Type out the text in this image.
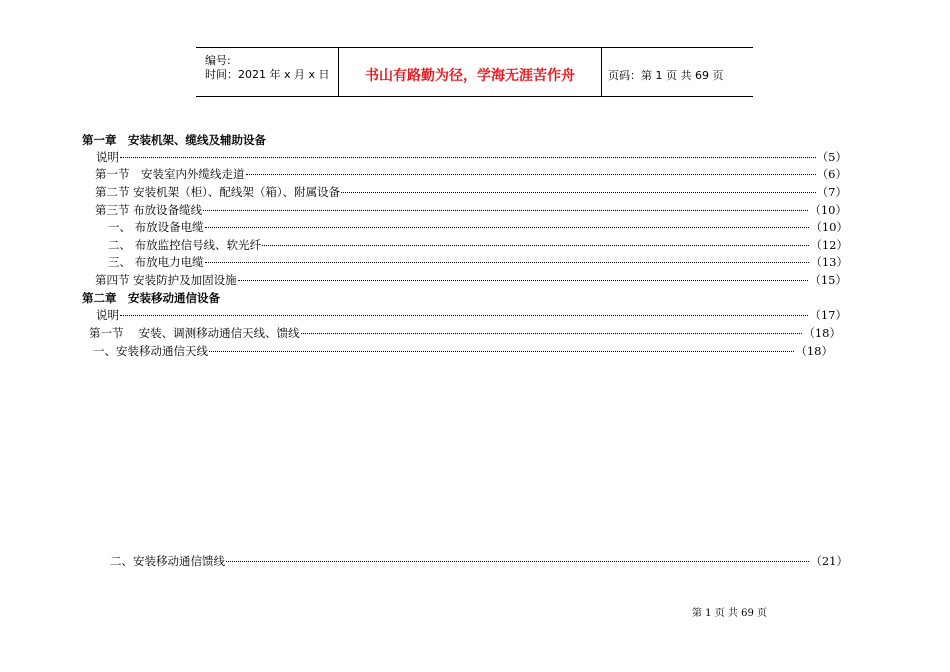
编号:
时间：2021 年 x 月 x 日	书山有路勤为径，学海无涯苦作舟	页码：第 1 页 共 69 页
第一章　安装机架、缆线及辅助设备
说明	（5）
第一节　安装室内外缆线走道	（6）
第二节 安装机架（柜）、配线架（箱）、附属设备	（7）
第三节 布放设备缆线	（10）
一、 布放设备电缆	（10）
二、 布放监控信号线、软光纤	（12）
三、 布放电力电缆	（13）
第四节 安装防护及加固设施	（15）
第二章　安装移动通信设备
说明	（17）
第一节　 安装、调测移动通信天线、馈线	（18）
一、安装移动通信天线	（18）
二、安装移动通信馈线	（21）
第 1 页 共 69 页
